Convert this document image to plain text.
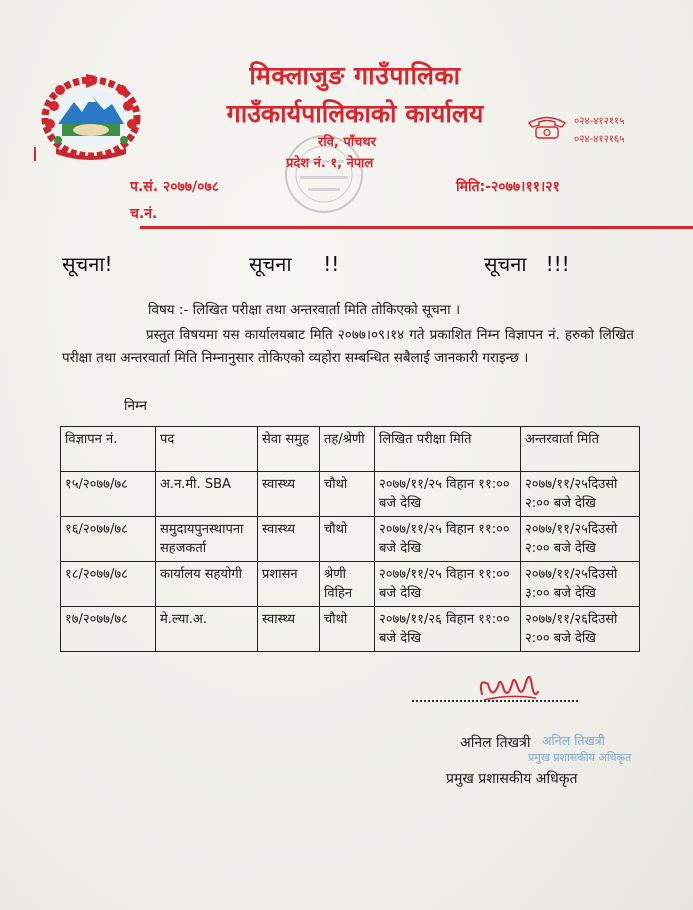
मिक्लाजुङ गाउँपालिका
गाउँकार्यपालिकाको कार्यालय
रवि, पाँचथर
प्रदेश नं. १, नेपाल
०२४-४१२११५
०२४-४१२१६५
प.सं. २०७७/०७८
च.नं.
मिति:-२०७७।११।२१
सूचना!	सूचना     !!	सूचना   !!!
विषय :- लिखित परीक्षा तथा अन्तरवार्ता मिति तोकिएको सूचना ।
प्रस्तुत विषयमा यस कार्यालयबाट मिति २०७७।०९।१४ गते प्रकाशित निम्न विज्ञापन नं. हरुको लिखित परीक्षा तथा अन्तरवार्ता मिति निम्नानुसार तोकिएको व्यहोरा सम्बन्धित सबैलाई जानकारी गराइन्छ ।
निम्न
विज्ञापन नं.	पद	सेवा समुह	तह/श्रेणी	लिखित परीक्षा मिति	अन्तरवार्ता मिति
१५/२०७७/७८	अ.न.मी. SBA	स्वास्थ्य	चौथो	२०७७/११/२५ विहान ११:०० बजे देखि	२०७७/११/२५दिउसो २:०० बजे देखि
१६/२०७७/७८	समुदायपुनस्थापना सहजकर्ता	स्वास्थ्य	चौथो	२०७७/११/२५ विहान ११:०० बजे देखि	२०७७/११/२५दिउसो २:०० बजे देखि
१८/२०७७/७८	कार्यालय सहयोगी	प्रशासन	श्रेणी विहिन	२०७७/११/२५ विहान ११:०० बजे देखि	२०७७/११/२५दिउसो ३:०० बजे देखि
१७/२०७७/७८	मे.ल्या.अ.	स्वास्थ्य	चौथो	२०७७/११/२६ विहान ११:०० बजे देखि	२०७७/११/२६दिउसो २:०० बजे देखि
अनिल तिखत्री अनिल तिखत्री
प्रमुख प्रशासकीय अधिकृत
प्रमुख प्रशासकीय अधिकृत
